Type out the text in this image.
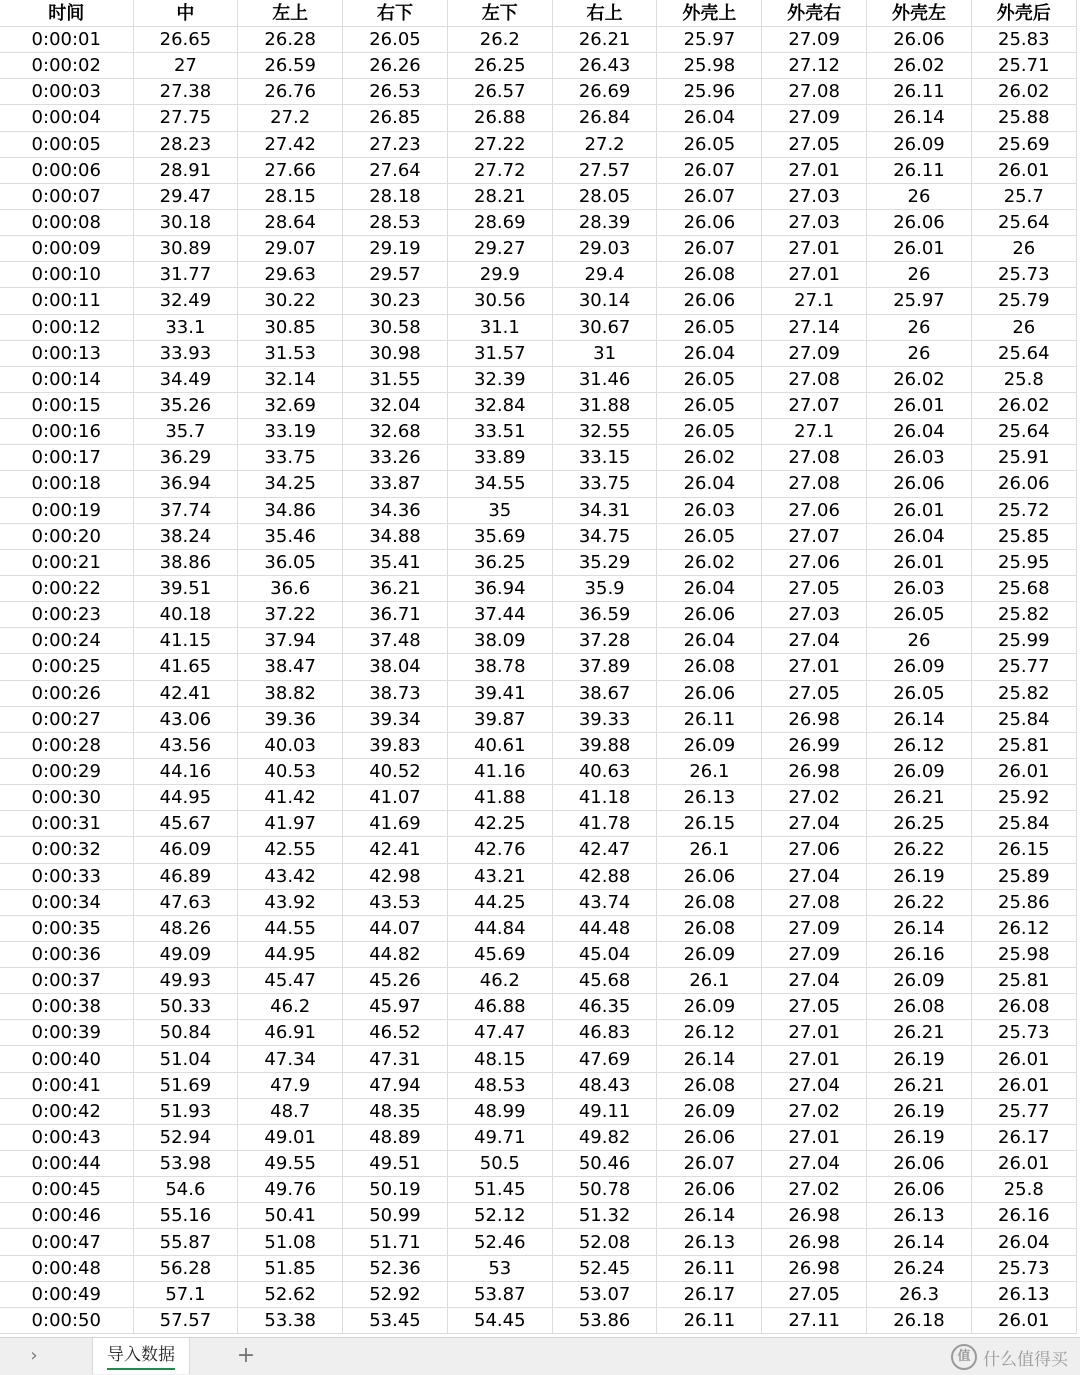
时间	中	左上	右下	左下	右上	外壳上	外壳右	外壳左	外壳后
0:00:01	26.65	26.28	26.05	26.2	26.21	25.97	27.09	26.06	25.83
0:00:02	27	26.59	26.26	26.25	26.43	25.98	27.12	26.02	25.71
0:00:03	27.38	26.76	26.53	26.57	26.69	25.96	27.08	26.11	26.02
0:00:04	27.75	27.2	26.85	26.88	26.84	26.04	27.09	26.14	25.88
0:00:05	28.23	27.42	27.23	27.22	27.2	26.05	27.05	26.09	25.69
0:00:06	28.91	27.66	27.64	27.72	27.57	26.07	27.01	26.11	26.01
0:00:07	29.47	28.15	28.18	28.21	28.05	26.07	27.03	26	25.7
0:00:08	30.18	28.64	28.53	28.69	28.39	26.06	27.03	26.06	25.64
0:00:09	30.89	29.07	29.19	29.27	29.03	26.07	27.01	26.01	26
0:00:10	31.77	29.63	29.57	29.9	29.4	26.08	27.01	26	25.73
0:00:11	32.49	30.22	30.23	30.56	30.14	26.06	27.1	25.97	25.79
0:00:12	33.1	30.85	30.58	31.1	30.67	26.05	27.14	26	26
0:00:13	33.93	31.53	30.98	31.57	31	26.04	27.09	26	25.64
0:00:14	34.49	32.14	31.55	32.39	31.46	26.05	27.08	26.02	25.8
0:00:15	35.26	32.69	32.04	32.84	31.88	26.05	27.07	26.01	26.02
0:00:16	35.7	33.19	32.68	33.51	32.55	26.05	27.1	26.04	25.64
0:00:17	36.29	33.75	33.26	33.89	33.15	26.02	27.08	26.03	25.91
0:00:18	36.94	34.25	33.87	34.55	33.75	26.04	27.08	26.06	26.06
0:00:19	37.74	34.86	34.36	35	34.31	26.03	27.06	26.01	25.72
0:00:20	38.24	35.46	34.88	35.69	34.75	26.05	27.07	26.04	25.85
0:00:21	38.86	36.05	35.41	36.25	35.29	26.02	27.06	26.01	25.95
0:00:22	39.51	36.6	36.21	36.94	35.9	26.04	27.05	26.03	25.68
0:00:23	40.18	37.22	36.71	37.44	36.59	26.06	27.03	26.05	25.82
0:00:24	41.15	37.94	37.48	38.09	37.28	26.04	27.04	26	25.99
0:00:25	41.65	38.47	38.04	38.78	37.89	26.08	27.01	26.09	25.77
0:00:26	42.41	38.82	38.73	39.41	38.67	26.06	27.05	26.05	25.82
0:00:27	43.06	39.36	39.34	39.87	39.33	26.11	26.98	26.14	25.84
0:00:28	43.56	40.03	39.83	40.61	39.88	26.09	26.99	26.12	25.81
0:00:29	44.16	40.53	40.52	41.16	40.63	26.1	26.98	26.09	26.01
0:00:30	44.95	41.42	41.07	41.88	41.18	26.13	27.02	26.21	25.92
0:00:31	45.67	41.97	41.69	42.25	41.78	26.15	27.04	26.25	25.84
0:00:32	46.09	42.55	42.41	42.76	42.47	26.1	27.06	26.22	26.15
0:00:33	46.89	43.42	42.98	43.21	42.88	26.06	27.04	26.19	25.89
0:00:34	47.63	43.92	43.53	44.25	43.74	26.08	27.08	26.22	25.86
0:00:35	48.26	44.55	44.07	44.84	44.48	26.08	27.09	26.14	26.12
0:00:36	49.09	44.95	44.82	45.69	45.04	26.09	27.09	26.16	25.98
0:00:37	49.93	45.47	45.26	46.2	45.68	26.1	27.04	26.09	25.81
0:00:38	50.33	46.2	45.97	46.88	46.35	26.09	27.05	26.08	26.08
0:00:39	50.84	46.91	46.52	47.47	46.83	26.12	27.01	26.21	25.73
0:00:40	51.04	47.34	47.31	48.15	47.69	26.14	27.01	26.19	26.01
0:00:41	51.69	47.9	47.94	48.53	48.43	26.08	27.04	26.21	26.01
0:00:42	51.93	48.7	48.35	48.99	49.11	26.09	27.02	26.19	25.77
0:00:43	52.94	49.01	48.89	49.71	49.82	26.06	27.01	26.19	26.17
0:00:44	53.98	49.55	49.51	50.5	50.46	26.07	27.04	26.06	26.01
0:00:45	54.6	49.76	50.19	51.45	50.78	26.06	27.02	26.06	25.8
0:00:46	55.16	50.41	50.99	52.12	51.32	26.14	26.98	26.13	26.16
0:00:47	55.87	51.08	51.71	52.46	52.08	26.13	26.98	26.14	26.04
0:00:48	56.28	51.85	52.36	53	52.45	26.11	26.98	26.24	25.73
0:00:49	57.1	52.62	52.92	53.87	53.07	26.17	27.05	26.3	26.13
0:00:50	57.57	53.38	53.45	54.45	53.86	26.11	27.11	26.18	26.01
›	导入数据	+	值 什么值得买
